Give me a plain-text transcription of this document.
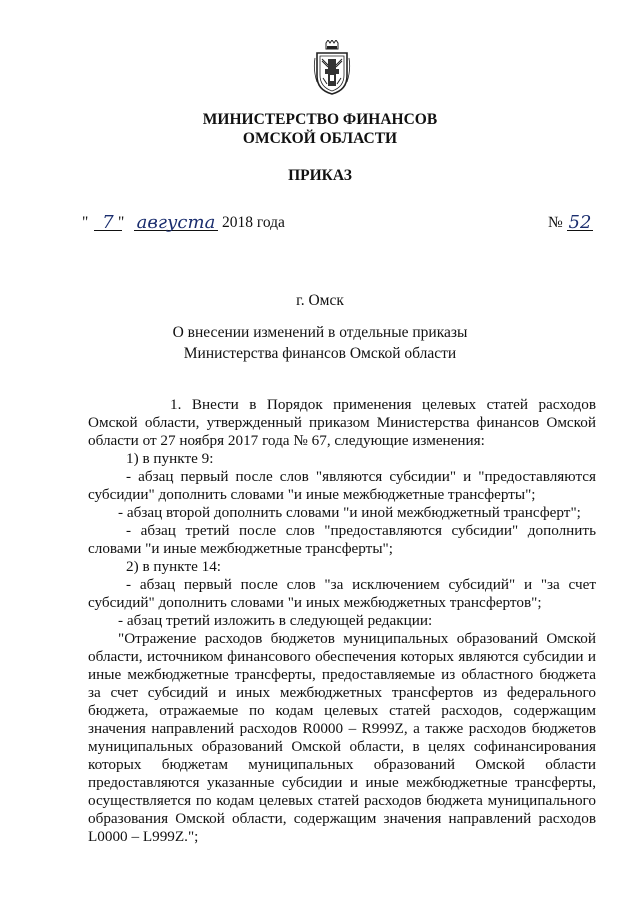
МИНИСТЕРСТВО ФИНАНСОВ
ОМСКОЙ ОБЛАСТИ
ПРИКАЗ
" 7 " августа 2018 года	№ 52
г. Омск
О внесении изменений в отдельные приказы
Министерства финансов Омской области

1. Внести в Порядок применения целевых статей расходов Омской области, утвержденный приказом Министерства финансов Омской области от 27 ноября 2017 года № 67, следующие изменения:

1) в пункте 9:

- абзац первый после слов "являются субсидии" и "предоставляются субсидии" дополнить словами "и иные межбюджетные трансферты";

- абзац второй дополнить словами "и иной межбюджетный трансферт";

- абзац третий после слов "предоставляются субсидии" дополнить словами "и иные межбюджетные трансферты";

2) в пункте 14:

- абзац первый после слов "за исключением субсидий" и "за счет субсидий" дополнить словами "и иных межбюджетных трансфертов";

- абзац третий изложить в следующей редакции:

"Отражение расходов бюджетов муниципальных образований Омской области, источником финансового обеспечения которых являются субсидии и иные межбюджетные трансферты, предоставляемые из областного бюджета за счет субсидий и иных межбюджетных трансфертов из федерального бюджета, отражаемые по кодам целевых статей расходов, содержащим значения направлений расходов R0000 – R999Z, а также расходов бюджетов муниципальных образований Омской области, в целях софинансирования которых бюджетам муниципальных образований Омской области предоставляются указанные субсидии и иные межбюджетные трансферты, осуществляется по кодам целевых статей расходов бюджета муниципального образования Омской области, содержащим значения направлений расходов L0000 – L999Z.";
